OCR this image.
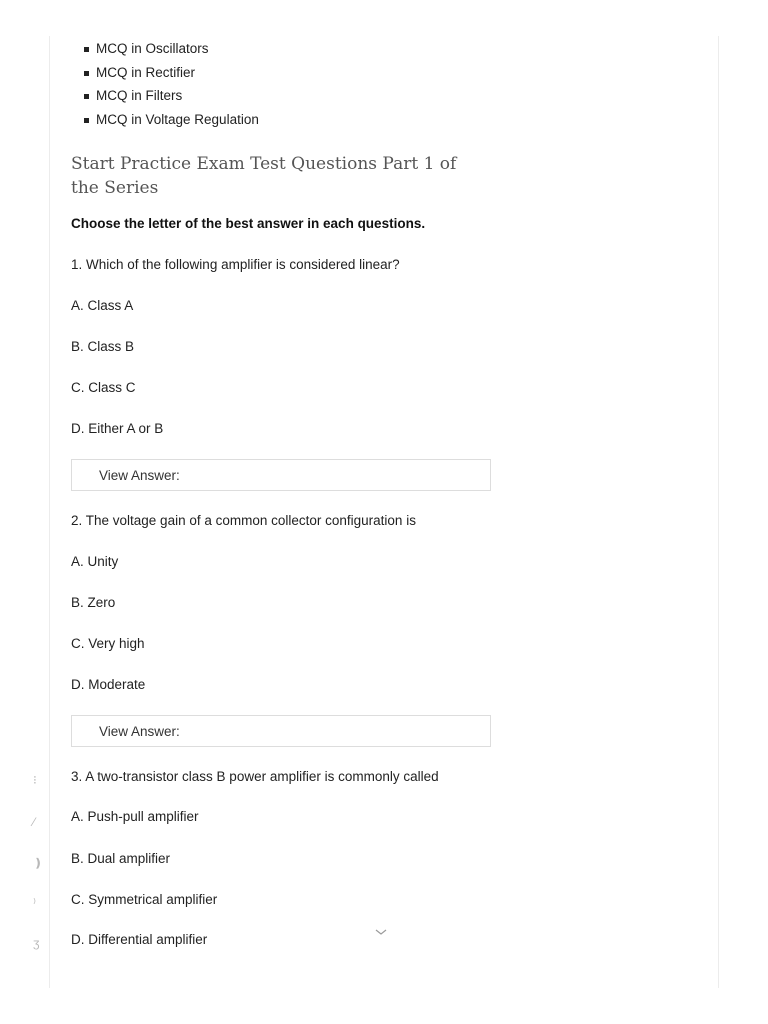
MCQ in Oscillators
MCQ in Rectifier
MCQ in Filters
MCQ in Voltage Regulation
Start Practice Exam Test Questions Part 1 of the Series
Choose the letter of the best answer in each questions.
1. Which of the following amplifier is considered linear?
A. Class A
B. Class B
C. Class C
D. Either A or B
View Answer:
2. The voltage gain of a common collector configuration is
A. Unity
B. Zero
C. Very high
D. Moderate
View Answer:
3. A two-transistor class B power amplifier is commonly called
A. Push-pull amplifier
B. Dual amplifier
C. Symmetrical amplifier
D. Differential amplifier
⁝
⁄
❫
⁾
ʒ
